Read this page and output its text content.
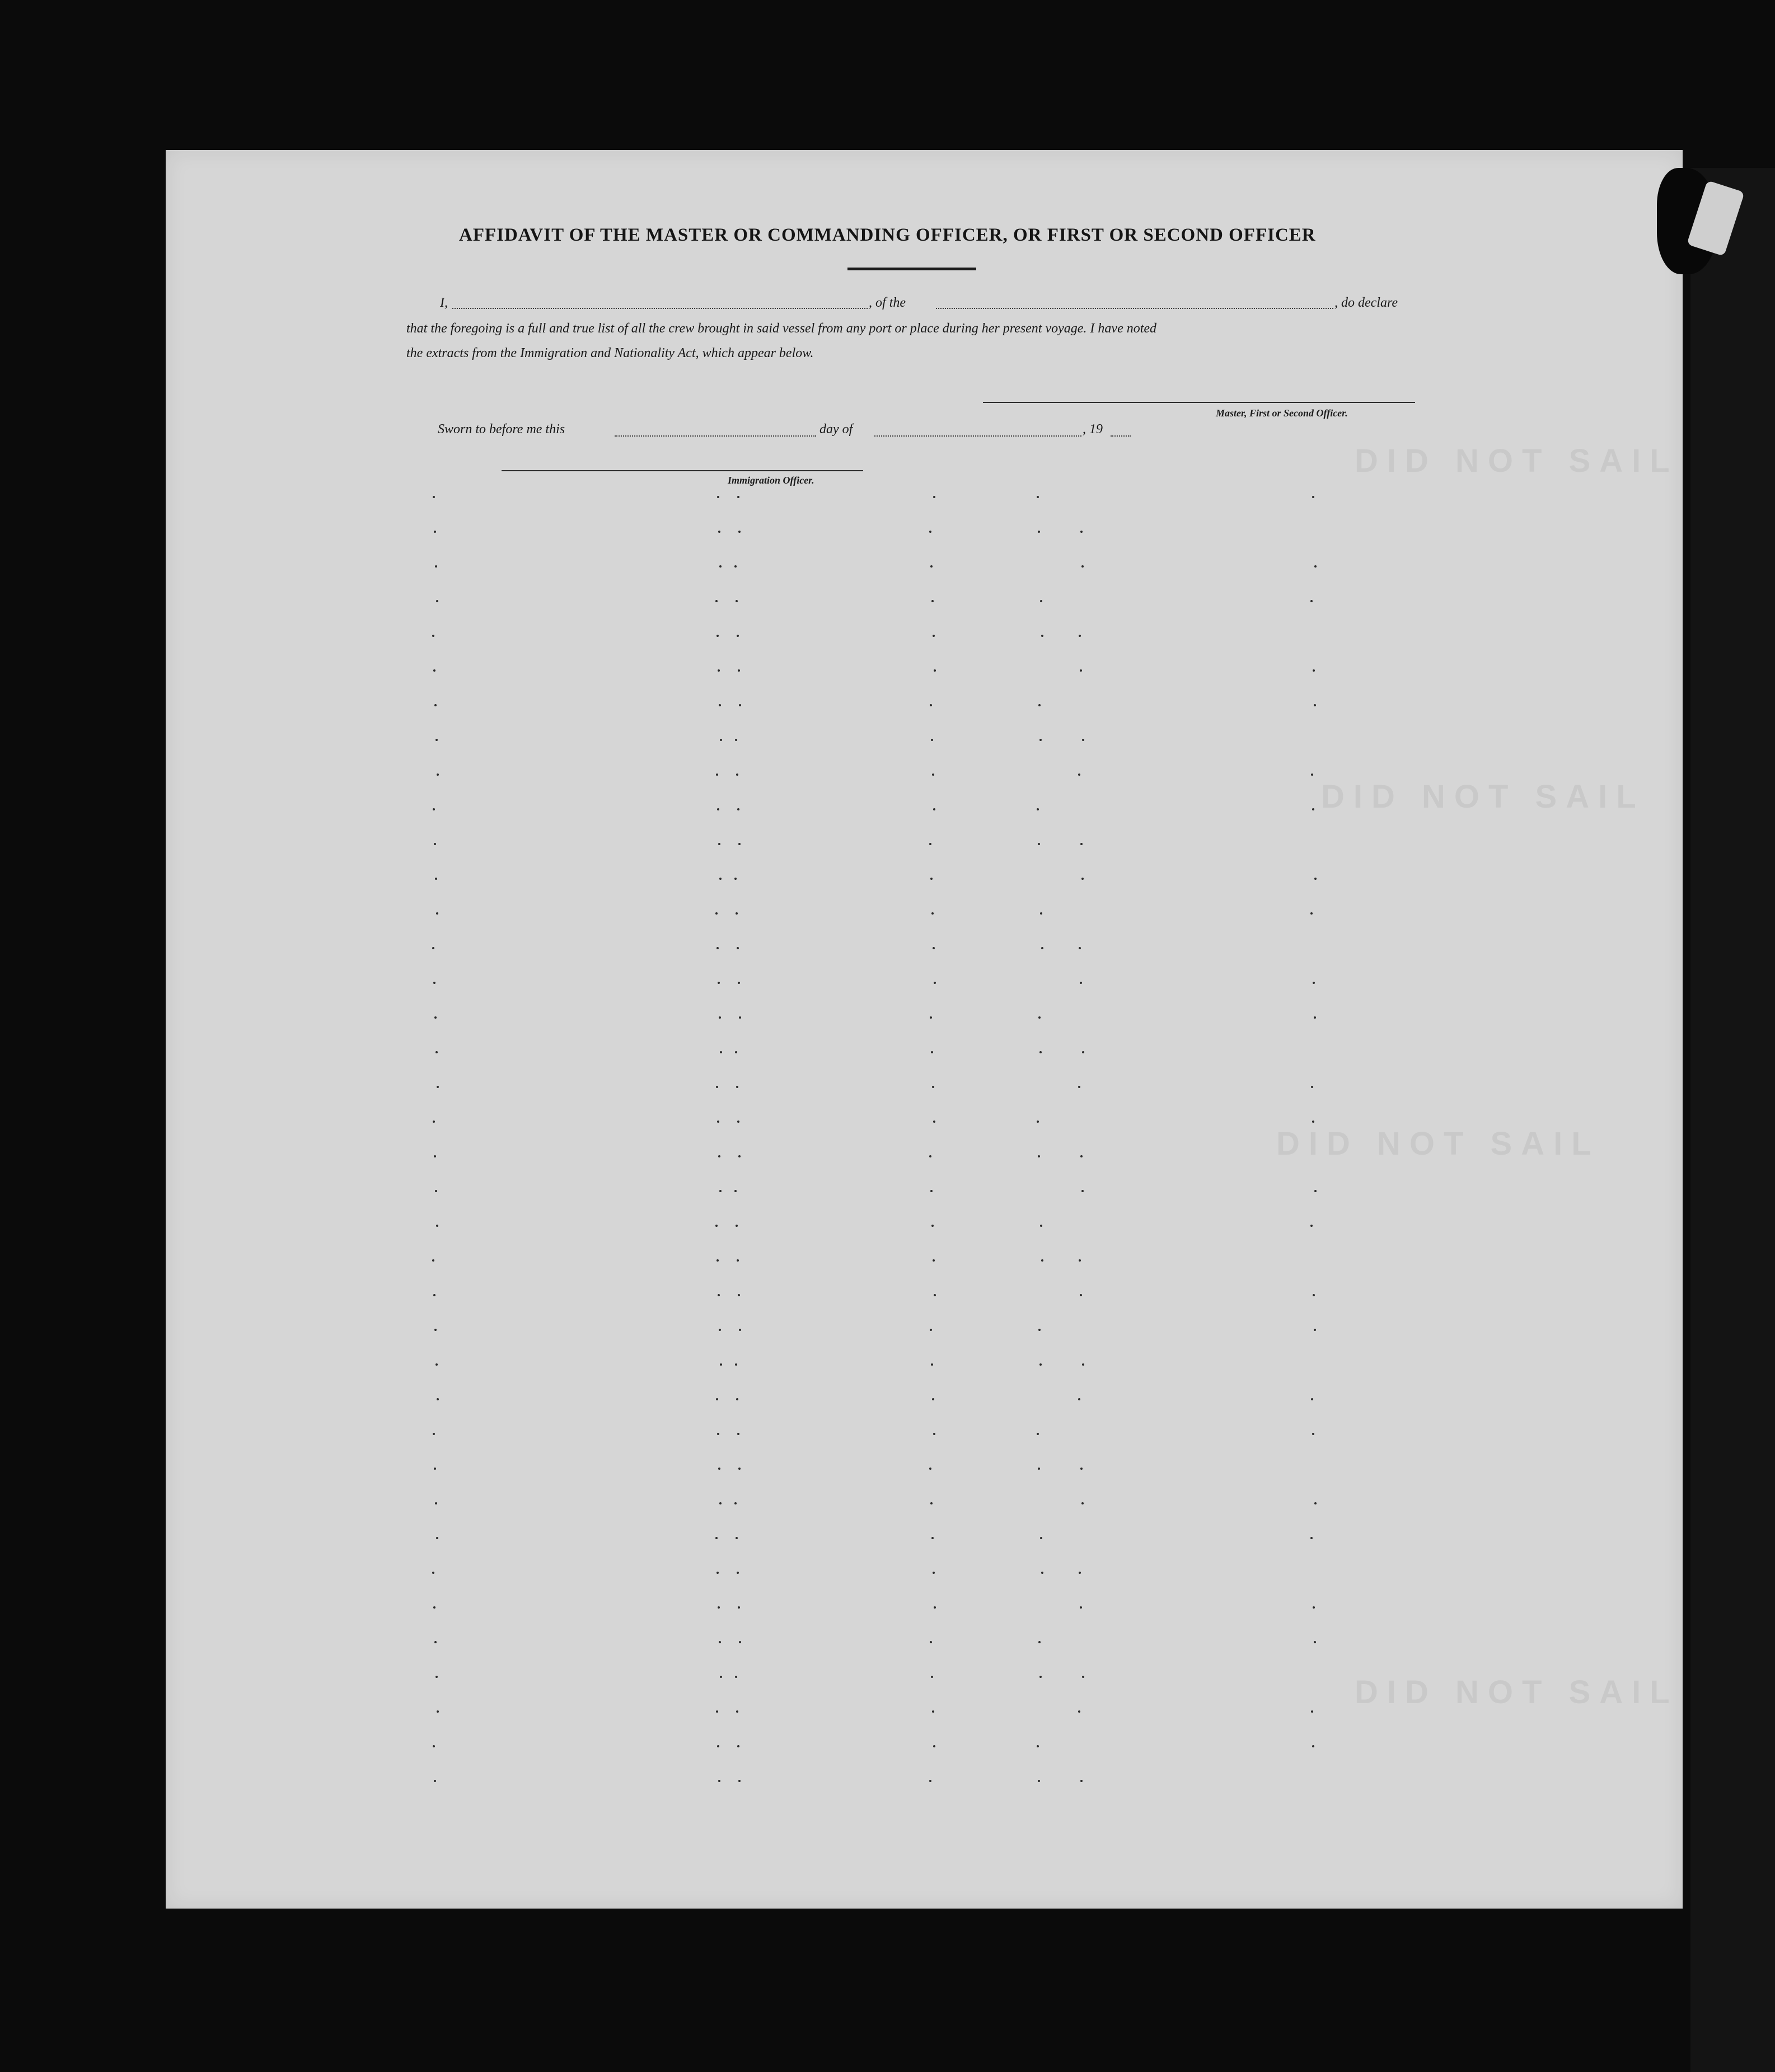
DID NOT SAIL
DID NOT SAIL
DID NOT SAIL
DID NOT SAIL
AFFIDAVIT OF THE MASTER OR COMMANDING OFFICER, OR FIRST OR SECOND OFFICER
I,	, of the	, do declare
that the foregoing is a full and true list of all the crew brought in said vessel from any port or place during her present voyage. I have noted
the extracts from the Immigration and Nationality Act, which appear below.
Master, First or Second Officer.
Sworn to before me this	day of	, 19
Immigration Officer.
